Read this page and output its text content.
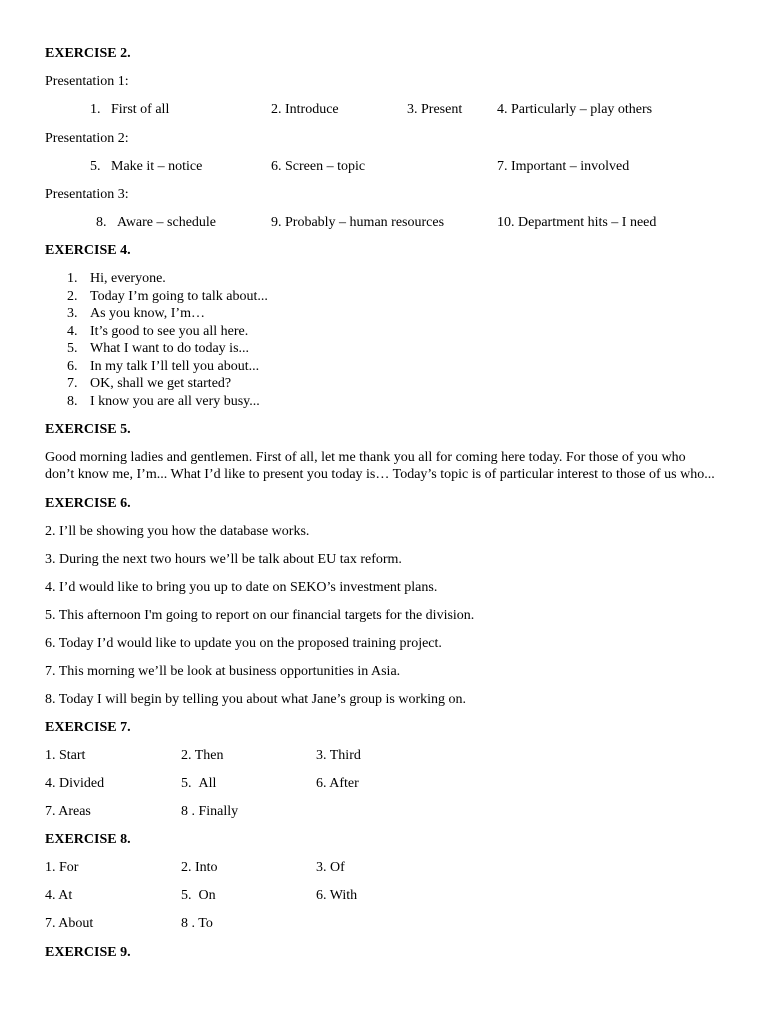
EXERCISE 2.
Presentation 1:
1.   First of all	2. Introduce	3. Present 4. Particularly – play others
Presentation 2:
5.   Make it – notice	6. Screen – topic	7. Important – involved
Presentation 3:
8.   Aware – schedule	9. Probably – human resources	10. Department hits – I need
EXERCISE 4.
1. Hi, everyone.
2. Today I’m going to talk about...
3. As you know, I’m…
4. It’s good to see you all here.
5. What I want to do today is...
6. In my talk I’ll tell you about...
7. OK, shall we get started?
8. I know you are all very busy...
EXERCISE 5.
Good morning ladies and gentlemen. First of all, let me thank you all for coming here today. For those of you who don’t know me, I’m... What I’d like to present you today is… Today’s topic is of particular interest to those of us who...
EXERCISE 6.
2. I’ll be showing you how the database works.
3. During the next two hours we’ll be talk about EU tax reform.
4. I’d would like to bring you up to date on SEKO’s investment plans.
5. This afternoon I'm going to report on our financial targets for the division.
6. Today I’d would like to update you on the proposed training project.
7. This morning we’ll be look at business opportunities in Asia.
8. Today I will begin by telling you about what Jane’s group is working on.
EXERCISE 7.
1. Start	2. Then	3. Third
4. Divided	5.  All	6. After
7. Areas	8 . Finally
EXERCISE 8.
1. For	2. Into	3. Of
4. At	5.  On	6. With
7. About	8 . To
EXERCISE 9.
